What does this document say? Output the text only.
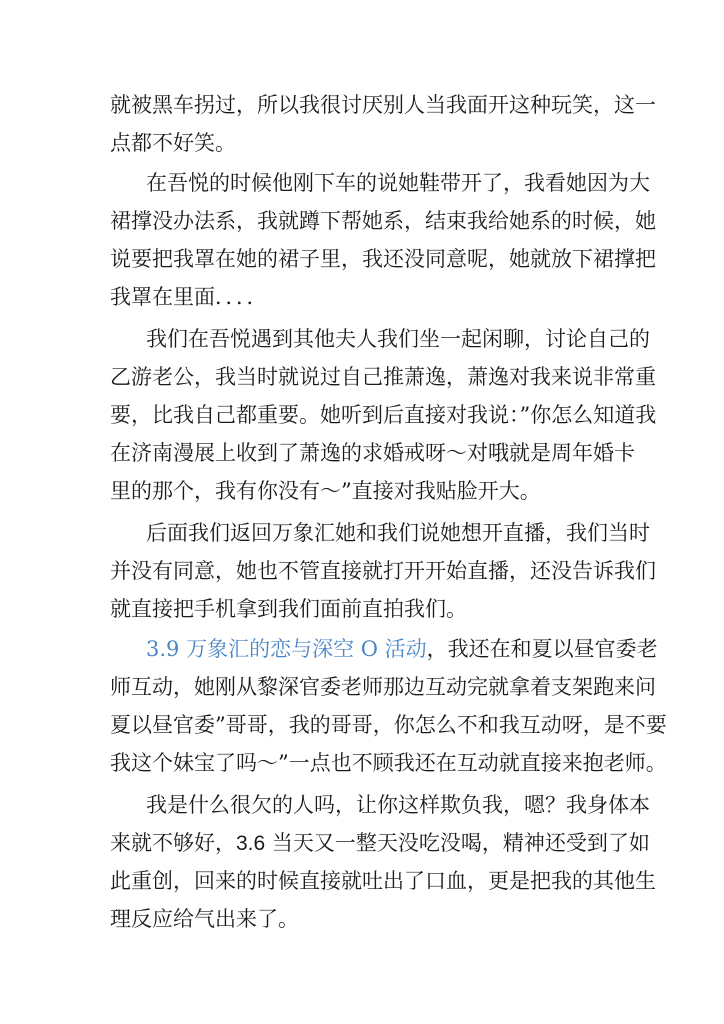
就被黑车拐过，所以我很讨厌别人当我面开这种玩笑，这一
点都不好笑。
在吾悦的时候他刚下车的说她鞋带开了，我看她因为大
裙撑没办法系，我就蹲下帮她系，结束我给她系的时候，她
说要把我罩在她的裙子里，我还没同意呢，她就放下裙撑把
我罩在里面．．．．
我们在吾悦遇到其他夫人我们坐一起闲聊，讨论自己的
乙游老公，我当时就说过自己推萧逸，萧逸对我来说非常重
要，比我自己都重要。她听到后直接对我说：”你怎么知道我
在济南漫展上收到了萧逸的求婚戒呀～对哦就是周年婚卡
里的那个，我有你没有～”直接对我贴脸开大。
后面我们返回万象汇她和我们说她想开直播，我们当时
并没有同意，她也不管直接就打开开始直播，还没告诉我们
就直接把手机拿到我们面前直拍我们。
3.9 万象汇的恋与深空 O 活动，我还在和夏以昼官委老
师互动，她刚从黎深官委老师那边互动完就拿着支架跑来问
夏以昼官委”哥哥，我的哥哥，你怎么不和我互动呀，是不要
我这个妹宝了吗～”一点也不顾我还在互动就直接来抱老师。
我是什么很欠的人吗，让你这样欺负我，嗯？我身体本
来就不够好，3.6 当天又一整天没吃没喝，精神还受到了如
此重创，回来的时候直接就吐出了口血，更是把我的其他生
理反应给气出来了。
